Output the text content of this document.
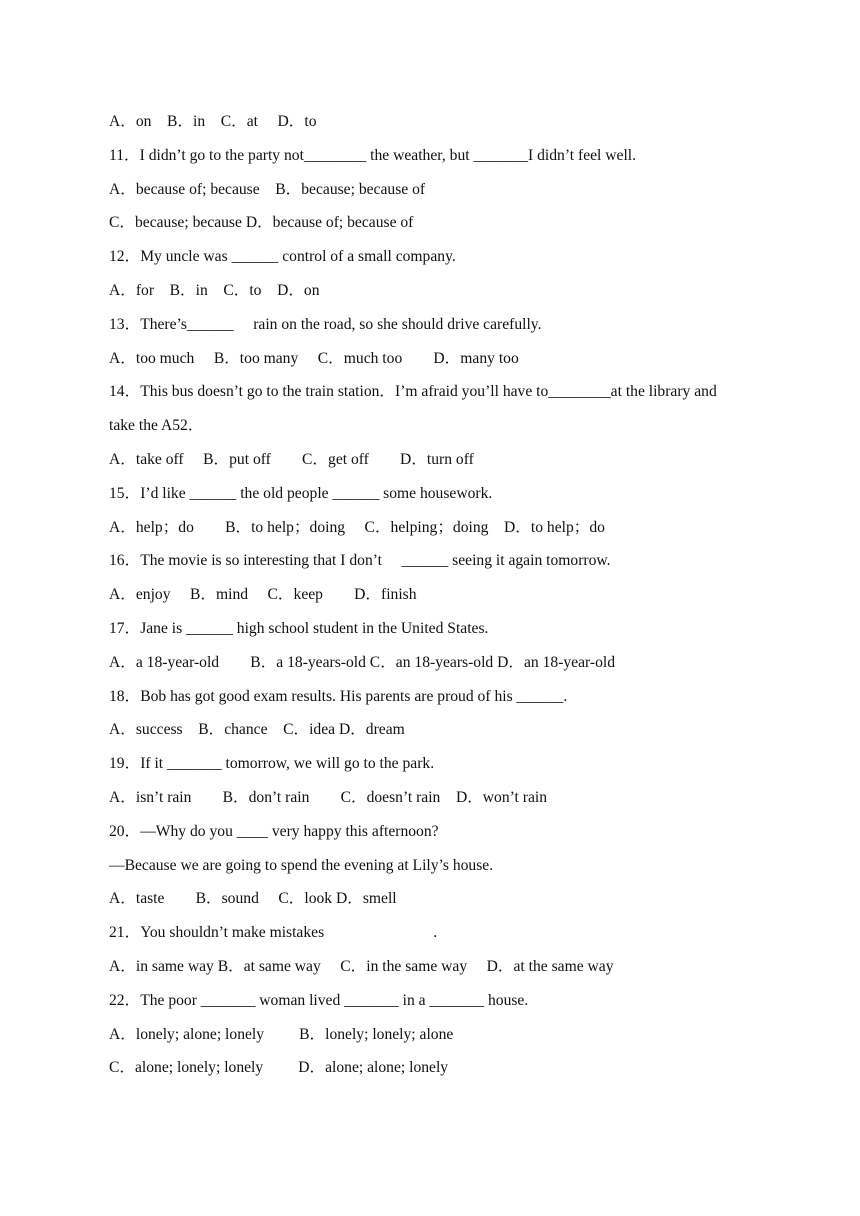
A．on　B．in　C．at　 D．to
11．I didn’t go to the party not________ the weather, but _______I didn’t feel well.
A．because of; because　B．because; because of
C．because; because D．because of; because of
12．My uncle was ______ control of a small company.
A．for　B．in　C．to　D．on
13．There’s______　 rain on the road, so she should drive carefully.
A．too much　 B．too many　 C．much too　　D．many too
14．This bus doesn’t go to the train station．I’m afraid you’ll have to________at the library and
take the A52．
A．take off　 B．put off　　C．get off　　D．turn off
15．I’d like ______ the old people ______ some housework.
A．help；do　　B．to help；doing　 C．helping；doing　D．to help；do
16．The movie is so interesting that I don’t　 ______ seeing it again tomorrow.
A．enjoy　 B．mind　 C．keep　　D．finish
17．Jane is ______ high school student in the United States.
A．a 18-year-old　　B．a 18-years-old C．an 18-years-old D．an 18-year-old
18．Bob has got good exam results. His parents are proud of his ______.
A．success　B．chance　C．idea D．dream
19．If it _______ tomorrow, we will go to the park.
A．isn’t rain　　B．don’t rain　　C．doesn’t rain　D．won’t rain
20．—Why do you ____ very happy this afternoon?
—Because we are going to spend the evening at Lily’s house.
A．taste　　B．sound　 C．look D．smell
21．You shouldn’t make mistakes　　　　　　　.
A．in same way B．at same way　 C．in the same way　 D．at the same way
22．The poor _______ woman lived _______ in a _______ house.
A．lonely; alone; lonely　　 B．lonely; lonely; alone
C．alone; lonely; lonely　　 D．alone; alone; lonely
